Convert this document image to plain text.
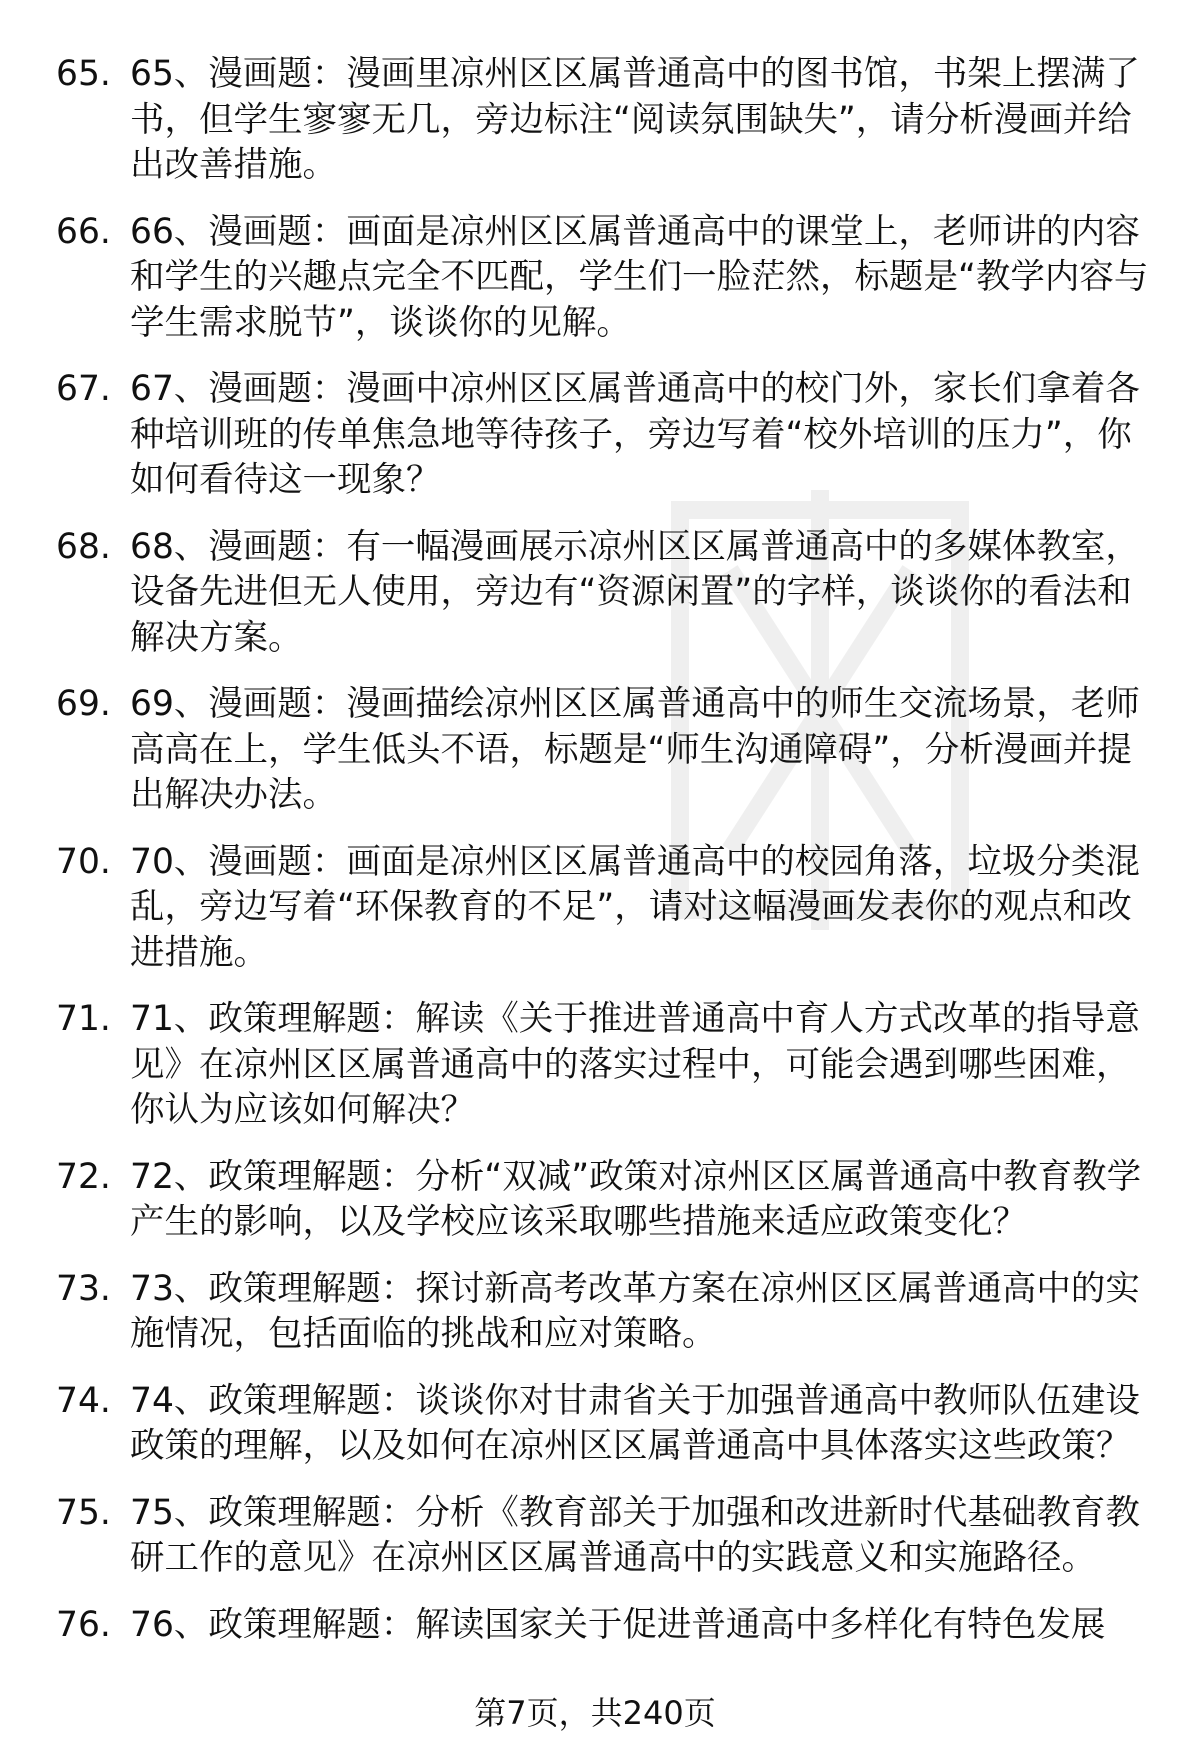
65. 65、漫画题：漫画里凉州区区属普通高中的图书馆，书架上摆满了书，但学生寥寥无几，旁边标注“阅读氛围缺失”，请分析漫画并给出改善措施。
66. 66、漫画题：画面是凉州区区属普通高中的课堂上，老师讲的内容和学生的兴趣点完全不匹配，学生们一脸茫然，标题是“教学内容与学生需求脱节”，谈谈你的见解。
67. 67、漫画题：漫画中凉州区区属普通高中的校门外，家长们拿着各种培训班的传单焦急地等待孩子，旁边写着“校外培训的压力”，你如何看待这一现象？
68. 68、漫画题：有一幅漫画展示凉州区区属普通高中的多媒体教室，设备先进但无人使用，旁边有“资源闲置”的字样，谈谈你的看法和解决方案。
69. 69、漫画题：漫画描绘凉州区区属普通高中的师生交流场景，老师高高在上，学生低头不语，标题是“师生沟通障碍”，分析漫画并提出解决办法。
70. 70、漫画题：画面是凉州区区属普通高中的校园角落，垃圾分类混乱，旁边写着“环保教育的不足”，请对这幅漫画发表你的观点和改进措施。
71. 71、政策理解题：解读《关于推进普通高中育人方式改革的指导意见》在凉州区区属普通高中的落实过程中，可能会遇到哪些困难，你认为应该如何解决？
72. 72、政策理解题：分析“双减”政策对凉州区区属普通高中教育教学产生的影响，以及学校应该采取哪些措施来适应政策变化？
73. 73、政策理解题：探讨新高考改革方案在凉州区区属普通高中的实施情况，包括面临的挑战和应对策略。
74. 74、政策理解题：谈谈你对甘肃省关于加强普通高中教师队伍建设政策的理解，以及如何在凉州区区属普通高中具体落实这些政策？
75. 75、政策理解题：分析《教育部关于加强和改进新时代基础教育教研工作的意见》在凉州区区属普通高中的实践意义和实施路径。
76. 76、政策理解题：解读国家关于促进普通高中多样化有特色发展
第7页，共240页
